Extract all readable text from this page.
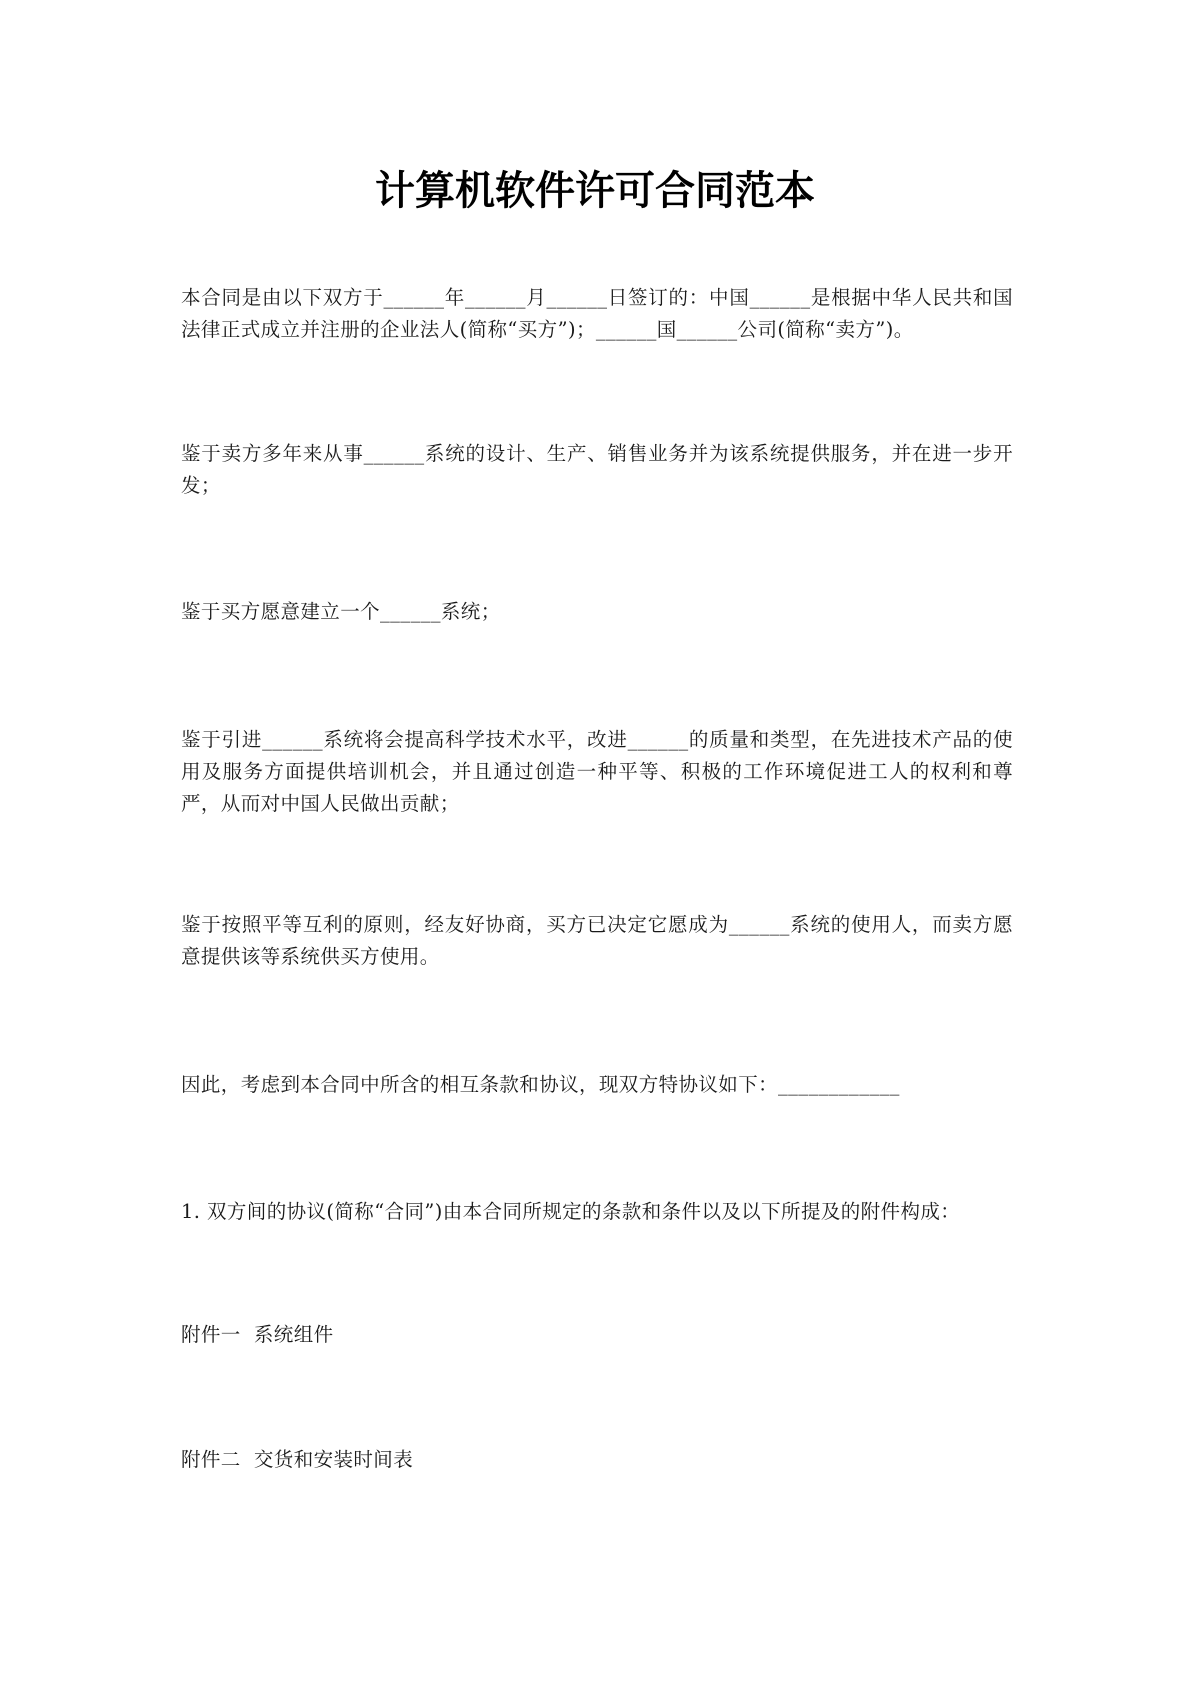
计算机软件许可合同范本
本合同是由以下双方于______年______月______日签订的：中国______是根据中华人民共和国法律正式成立并注册的企业法人(简称“买方”)；______国______公司(简称“卖方”)。
鉴于卖方多年来从事______系统的设计、生产、销售业务并为该系统提供服务，并在进一步开发；
鉴于买方愿意建立一个______系统；
鉴于引进______系统将会提高科学技术水平，改进______的质量和类型，在先进技术产品的使用及服务方面提供培训机会，并且通过创造一种平等、积极的工作环境促进工人的权利和尊严，从而对中国人民做出贡献；
鉴于按照平等互利的原则，经友好协商，买方已决定它愿成为______系统的使用人，而卖方愿意提供该等系统供买方使用。
因此，考虑到本合同中所含的相互条款和协议，现双方特协议如下：____________
1. 双方间的协议(简称“合同”)由本合同所规定的条款和条件以及以下所提及的附件构成：
附件一  系统组件
附件二  交货和安装时间表
